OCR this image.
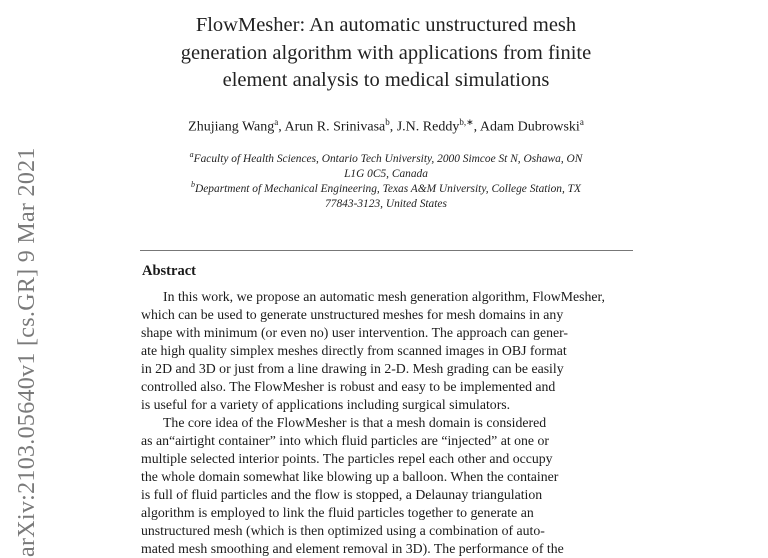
arXiv:2103.05640v1 [cs.GR] 9 Mar 2021
FlowMesher: An automatic unstructured mesh
generation algorithm with applications from finite
element analysis to medical simulations
Zhujiang Wang$^a$, Arun R. Srinivasa$^b$, J.N. Reddy$^{b,∗}$, Adam Dubrowski$^a$
$^a$Faculty of Health Sciences, Ontario Tech University, 2000 Simcoe St N, Oshawa, ON
L1G 0C5, Canada
$^b$Department of Mechanical Engineering, Texas A&M University, College Station, TX
77843-3123, United States
Abstract
In this work, we propose an automatic mesh generation algorithm, FlowMesher,
which can be used to generate unstructured meshes for mesh domains in any
shape with minimum (or even no) user intervention. The approach can gener-
ate high quality simplex meshes directly from scanned images in OBJ format
in 2D and 3D or just from a line drawing in 2-D. Mesh grading can be easily
controlled also. The FlowMesher is robust and easy to be implemented and
is useful for a variety of applications including surgical simulators.
The core idea of the FlowMesher is that a mesh domain is considered
as an“airtight container” into which fluid particles are “injected” at one or
multiple selected interior points. The particles repel each other and occupy
the whole domain somewhat like blowing up a balloon. When the container
is full of fluid particles and the flow is stopped, a Delaunay triangulation
algorithm is employed to link the fluid particles together to generate an
unstructured mesh (which is then optimized using a combination of auto-
mated mesh smoothing and element removal in 3D). The performance of the
